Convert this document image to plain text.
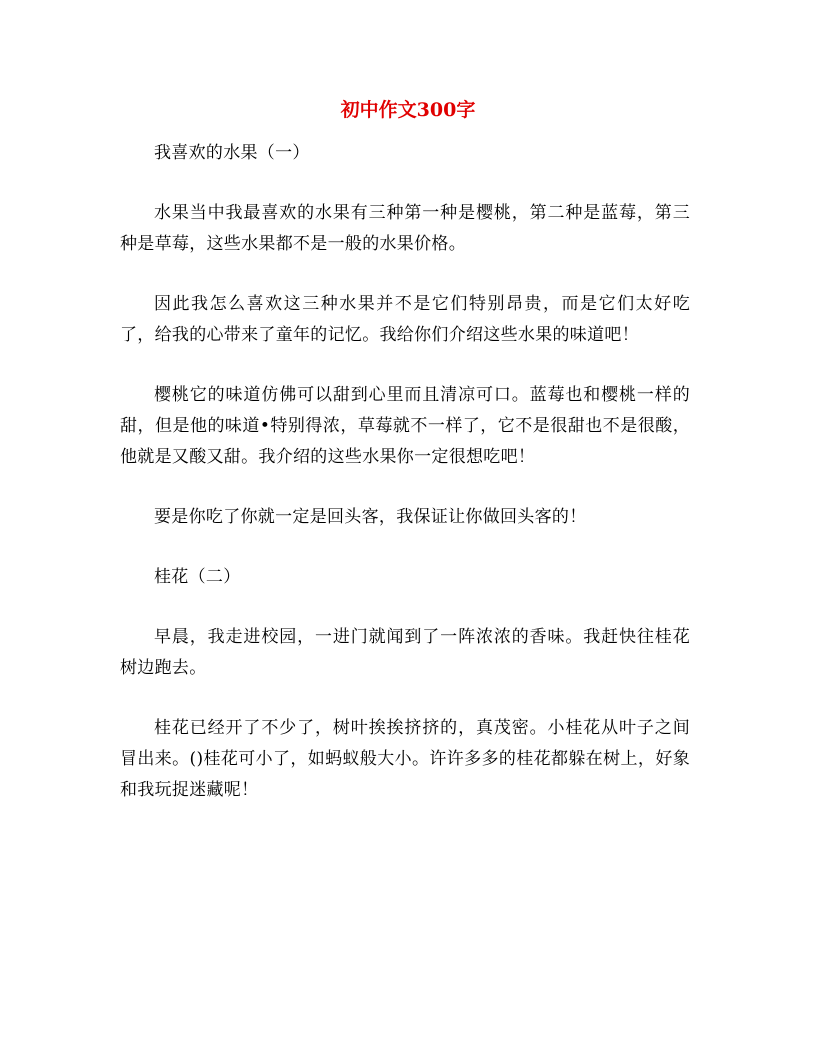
初中作文300字

我喜欢的水果（一）

水果当中我最喜欢的水果有三种第一种是樱桃，第二种是蓝莓，第三种是草莓，这些水果都不是一般的水果价格。

因此我怎么喜欢这三种水果并不是它们特别昂贵，而是它们太好吃了，给我的心带来了童年的记忆。我给你们介绍这些水果的味道吧！

樱桃它的味道仿佛可以甜到心里而且清凉可口。蓝莓也和樱桃一样的甜，但是他的味道•特别得浓，草莓就不一样了，它不是很甜也不是很酸，他就是又酸又甜。我介绍的这些水果你一定很想吃吧！

要是你吃了你就一定是回头客，我保证让你做回头客的！

桂花（二）

早晨，我走进校园，一进门就闻到了一阵浓浓的香味。我赶快往桂花树边跑去。

桂花已经开了不少了，树叶挨挨挤挤的，真茂密。小桂花从叶子之间冒出来。()桂花可小了，如蚂蚁般大小。许许多多的桂花都躲在树上，好象和我玩捉迷藏呢！
